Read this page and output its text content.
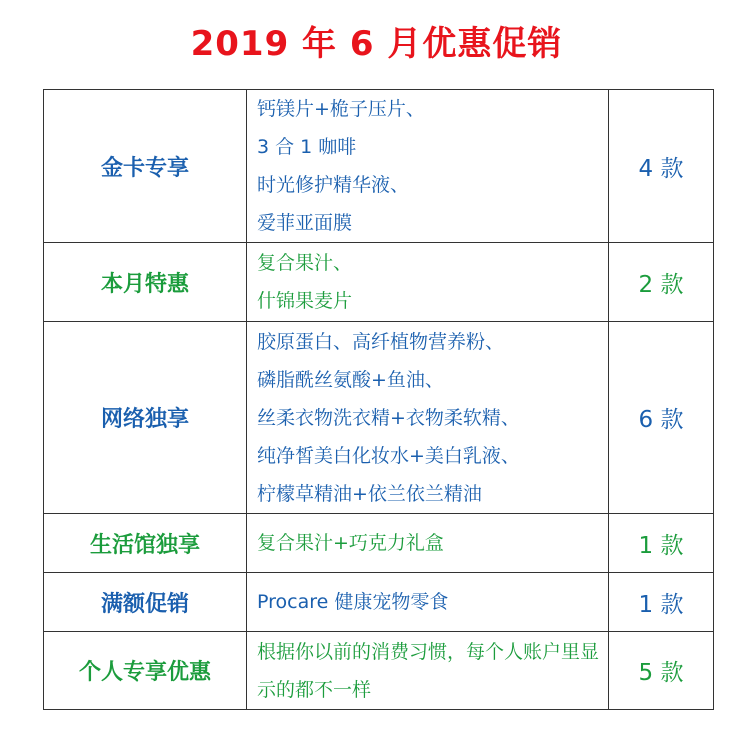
2019 年 6 月优惠促销
金卡专享	钙镁片+桅子压片、
3 合 1 咖啡
时光修护精华液、
爱菲亚面膜	4 款
本月特惠	复合果汁、
什锦果麦片	2 款
网络独享	胶原蛋白、高纤植物营养粉、
磷脂酰丝氨酸+鱼油、
丝柔衣物洗衣精+衣物柔软精、
纯净皙美白化妆水+美白乳液、
柠檬草精油+依兰依兰精油	6 款
生活馆独享	复合果汁+巧克力礼盒	1 款
满额促销	Procare 健康宠物零食	1 款
个人专享优惠	根据你以前的消费习惯，每个人账户里显示的都不一样	5 款
